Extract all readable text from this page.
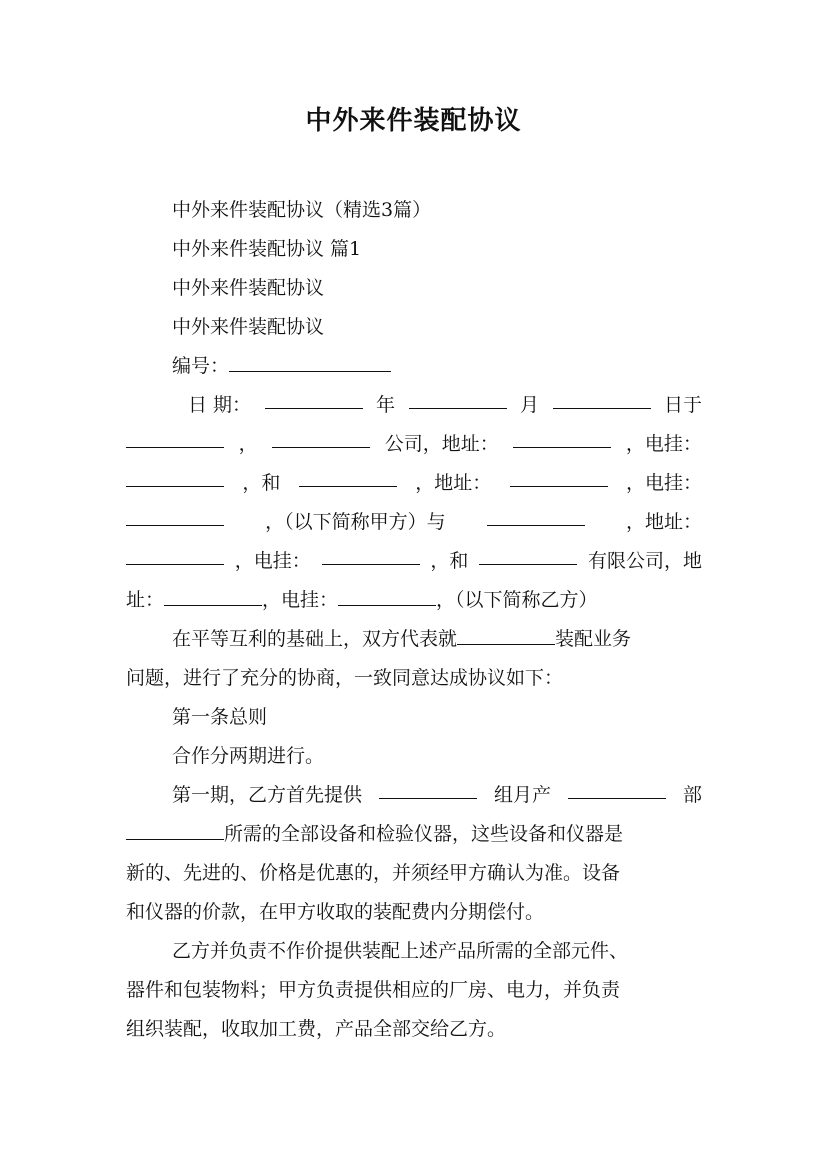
中外来件装配协议
中外来件装配协议（精选3篇）
中外来件装配协议 篇1
中外来件装配协议
中外来件装配协议
编号：
日 期：	年	月	日于
，	公司，地址：	，电挂：
，和	，地址：	，电挂：
，（以下简称甲方）与	，地址：
，电挂：	，和	有限公司，地
址：	，电挂：	，（以下简称乙方）
在平等互利的基础上，双方代表就	装配业务
问题，进行了充分的协商，一致同意达成协议如下：
第一条总则
合作分两期进行。
第一期，乙方首先提供	组月产	部
所需的全部设备和检验仪器，这些设备和仪器是
新的、先进的、价格是优惠的，并须经甲方确认为准。设备
和仪器的价款，在甲方收取的装配费内分期偿付。
乙方并负责不作价提供装配上述产品所需的全部元件、
器件和包装物料；甲方负责提供相应的厂房、电力，并负责
组织装配，收取加工费，产品全部交给乙方。
